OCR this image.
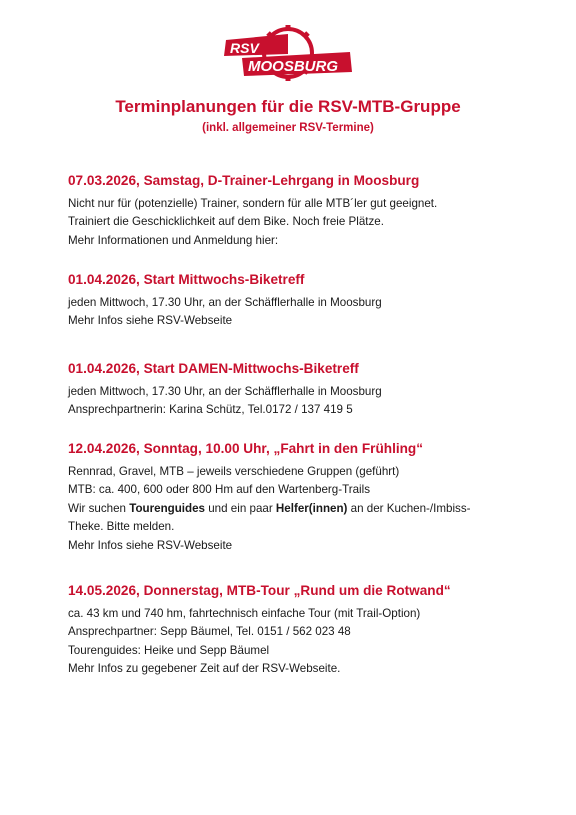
RSV
MOOSBURG
Terminplanungen für die RSV-MTB-Gruppe
(inkl. allgemeiner RSV-Termine)
07.03.2026, Samstag, D-Trainer-Lehrgang in Moosburg
Nicht nur für (potenzielle) Trainer, sondern für alle MTB´ler gut geeignet.
Trainiert die Geschicklichkeit auf dem Bike. Noch freie Plätze.
Mehr Informationen und Anmeldung hier:
01.04.2026, Start Mittwochs-Biketreff
jeden Mittwoch, 17.30 Uhr, an der Schäfflerhalle in Moosburg
Mehr Infos siehe RSV-Webseite
01.04.2026, Start DAMEN-Mittwochs-Biketreff
jeden Mittwoch, 17.30 Uhr, an der Schäfflerhalle in Moosburg
Ansprechpartnerin: Karina Schütz, Tel.0172 / 137 419 5
12.04.2026, Sonntag, 10.00 Uhr, „Fahrt in den Frühling“
Rennrad, Gravel, MTB – jeweils verschiedene Gruppen (geführt)
MTB: ca. 400, 600 oder 800 Hm auf den Wartenberg-Trails
Wir suchen Tourenguides und ein paar Helfer(innen) an der Kuchen-/Imbiss-
Theke. Bitte melden.
Mehr Infos siehe RSV-Webseite
14.05.2026, Donnerstag, MTB-Tour „Rund um die Rotwand“
ca. 43 km und 740 hm, fahrtechnisch einfache Tour (mit Trail-Option)
Ansprechpartner: Sepp Bäumel, Tel. 0151 / 562 023 48
Tourenguides: Heike und Sepp Bäumel
Mehr Infos zu gegebener Zeit auf der RSV-Webseite.
